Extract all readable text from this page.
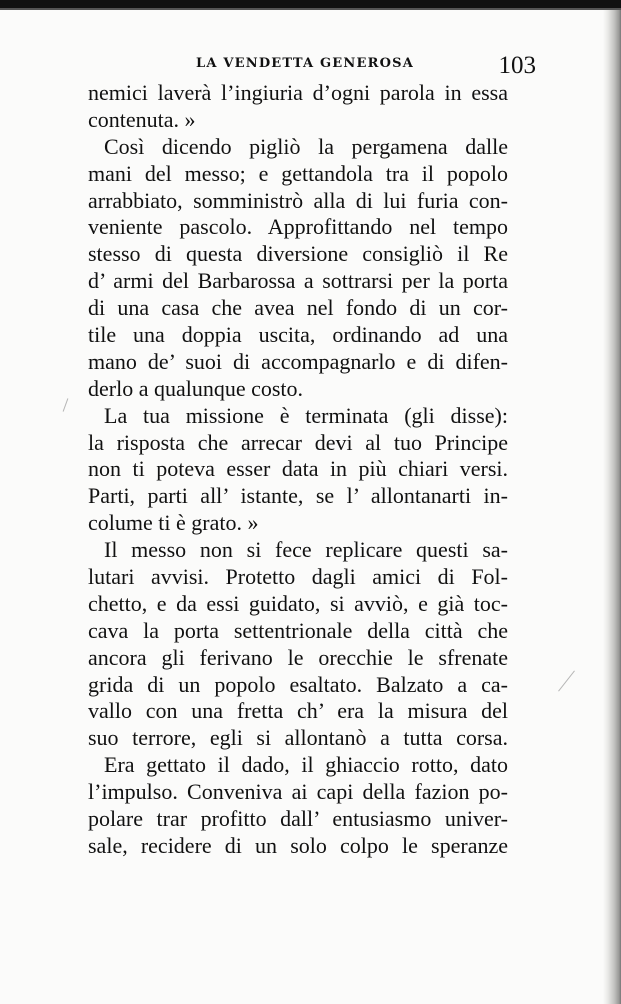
LA VENDETTA GENEROSA	103
nemici laverà l’ingiuria d’ogni parola in essa
contenuta. »
Così dicendo pigliò la pergamena dalle
mani del messo; e gettandola tra il popolo
arrabbiato, somministrò alla di lui furia con-
veniente pascolo. Approfittando nel tempo
stesso di questa diversione consigliò il Re
d’ armi del Barbarossa a sottrarsi per la porta
di una casa che avea nel fondo di un cor-
tile una doppia uscita, ordinando ad una
mano de’ suoi di accompagnarlo e di difen-
derlo a qualunque costo.
La tua missione è terminata (gli disse):
la risposta che arrecar devi al tuo Principe
non ti poteva esser data in più chiari versi.
Parti, parti all’ istante, se l’ allontanarti in-
colume ti è grato. »
Il messo non si fece replicare questi sa-
lutari avvisi. Protetto dagli amici di Fol-
chetto, e da essi guidato, si avviò, e già toc-
cava la porta settentrionale della città che
ancora gli ferivano le orecchie le sfrenate
grida di un popolo esaltato. Balzato a ca-
vallo con una fretta ch’ era la misura del
suo terrore, egli si allontanò a tutta corsa.
Era gettato il dado, il ghiaccio rotto, dato
l’impulso. Conveniva ai capi della fazion po-
polare trar profitto dall’ entusiasmo univer-
sale, recidere di un solo colpo le speranze
